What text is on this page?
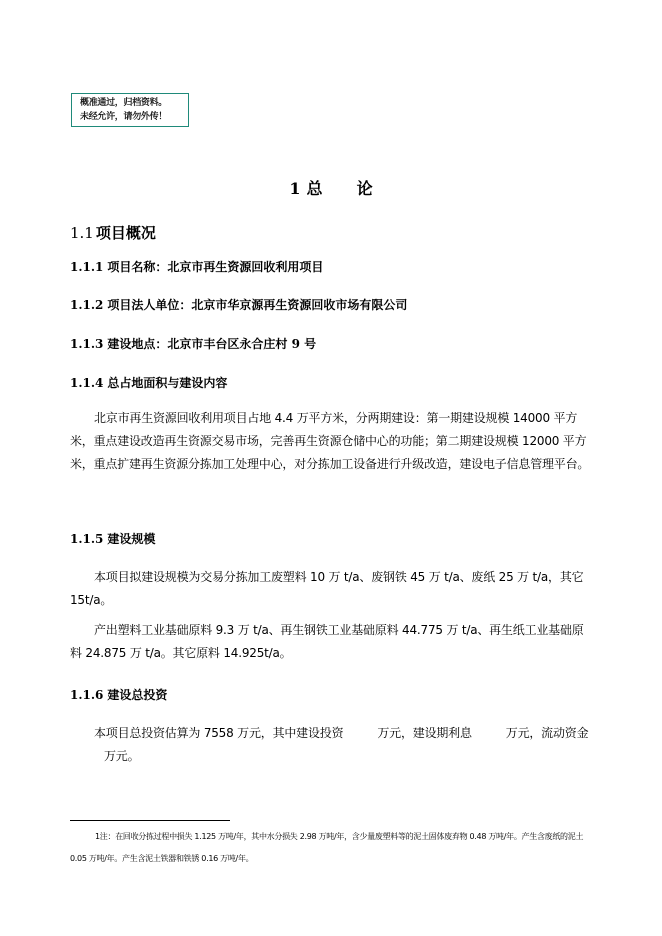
概准通过，归档资料。
未经允许，请勿外传！
1 总 论
1.1 项目概况
1.1.1 项目名称：北京市再生资源回收利用项目
1.1.2 项目法人单位：北京市华京源再生资源回收市场有限公司
1.1.3 建设地点：北京市丰台区永合庄村 9 号
1.1.4 总占地面积与建设内容
北京市再生资源回收利用项目占地 4.4 万平方米，分两期建设：第一期建设规模 14000 平方米，重点建设改造再生资源交易市场，完善再生资源仓储中心的功能；第二期建设规模 12000 平方米，重点扩建再生资源分拣加工处理中心，对分拣加工设备进行升级改造，建设电子信息管理平台。
1.1.5 建设规模
本项目拟建设规模为交易分拣加工废塑料 10 万 t/a、废钢铁 45 万 t/a、废纸 25 万 t/a，其它 15t/a。
产出塑料工业基础原料 9.3 万 t/a、再生钢铁工业基础原料 44.775 万 t/a、再生纸工业基础原料 24.875 万 t/a。其它原料 14.925t/a。
1.1.6 建设总投资
本项目总投资估算为 7558 万元，其中建设投资	万元，建设期利息	万元，流动资金万元。
1注：在回收分拣过程中损失 1.125 万吨/年，其中水分损失 2.98 万吨/年，含少量废塑料等的泥土固体废弃物 0.48 万吨/年。产生含废纸的泥土 0.05 万吨/年。产生含泥土铁器和铁锈 0.16 万吨/年。
